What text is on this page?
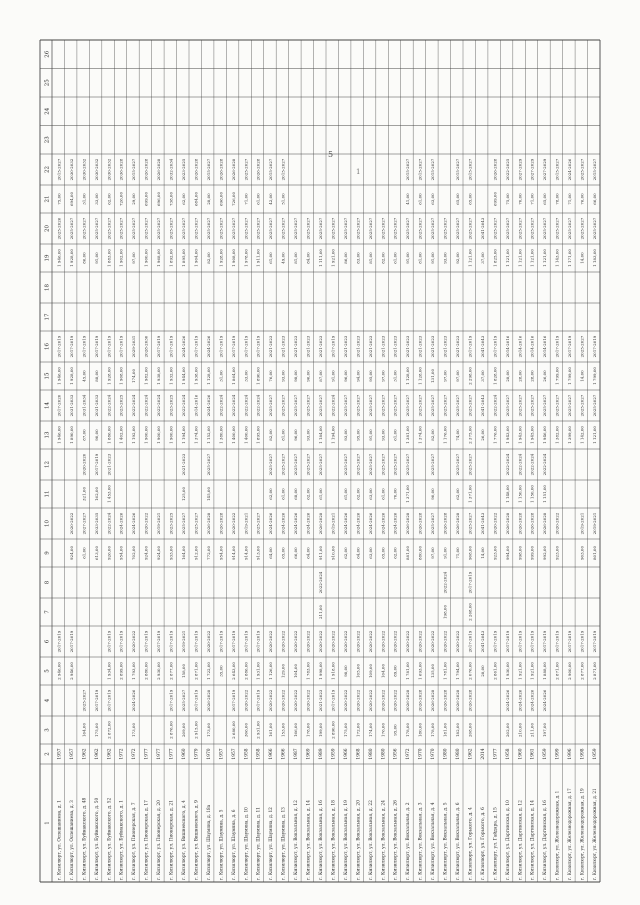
5
1
1
2
3
4
5
6
7
8
9
10
11
12
13
14
15
16
17
18
19
20
21
22
23
24
25
26
г. Кизилюрт, ул. Оспешаниева, д. 1
1957
2 946,00
2017-2019
1 946,00
2017-2020
1 946,00
2017-2019
1 946,00
2025-2026
75,00
2015-2027
г. Кизилюрт, ул. Оспешаниева, д. 3
1957
2 946,00
2017-2019
924,00
2020-2022
1 890,00
2031-2033
1 928,00
2017-2019
1 928,00
2025-2027
694,00
2030-2032
г. Кизилюрт, ул. Буйнакского, д. 48
1962
164,00
2025-2027
61,00
2027-2027
321,00
2020-2020
87,00
2031-2034
45,00
2017-2019
86,00
2025-2027
31,00
2030-2032
г. Кизилюрт, ул. Буйнакского, д. 50
1962
175,00
2017-2019
613,00
2033-2035
162,00
2017-2019
90,00
2031-2033
88,00
2017-2019
91,00
2025-2027
33,00
2030-2032
г. Кизилюрт, ул. Буйнакского, д. 52
1962
2 872,00
2017-2019
1 934,00
2017-2019
926,00
2022-2024
1 453,00
2021-2023
1 886,00
2022-2024
1 928,00
2017-2019
1 883,00
2025-2027
62,00
2030-2032
г. Кизилюрт, ул. Буйнакского, д. 1
1972
2 899,00
2017-2019
954,00
2024-2026
1 402,00
2023-2025
1 908,00
2017-2019
1 902,00
2025-2027
726,00
2036-2028
г. Кизилюрт, ул. Пионерская, д. 7
1972
173,00
2024-2026
1 793,00
2020-2022
702,00
2024-2026
1 192,00
2022-2024
174,00
2029-2031
97,00
2025-2027
29,00
2015-2027
г. Кизилюрт, ул. Пионерская, д. 17
1977
2 880,00
2017-2019
924,00
2020-2022
1 900,00
2022-2024
1 982,00
2028-2030
1 900,00
2025-2027
699,00
2026-2028
г. Кизилюрт, ул. Пионерская, д. 20
1977
2 930,00
2017-2019
924,00
2019-2021
1 900,00
2022-2024
1 938,00
2017-2019
1 968,00
2025-2027
696,00
2026-2028
г. Кизилюрт, ул. Пионерская, д. 21
1977
2 876,00
2017-2019
2 877,00
2017-2019
933,00
2023-2025
1 900,00
2023-2025
1 932,00
2017-2019
1 892,00
2025-2027
738,00
2032-2034
г. Кизилюрт, ул. Вишневского, д. 4
1960
209,00
2025-2027
158,00
2019-2021
164,00
2025-2027
125,00
2021-2023
1 194,00
2022-2024
1 944,00
2024-2026
1 895,00
2025-2027
62,00
2023-2025
г. Кизилюрт, ул. Вишневского, д. 9
1979
2 915,00
2017-2019
2 871,00
2017-2019
912,00
2025-2027
1 374,00
2014-2016
1 938,00
2017-2019
1 904,00
2025-2027
684,00
2026-2028
г. Кизилюрт, ул. Шаумяна, д. 18а
1970
173,00
2026-2028
1 722,00
2020-2022
772,00
2026-2028
145,00
2025-2027
1 152,00
2024-2026
1 128,00
2024-2026
82,00
2025-2027
28,00
2015-2027
г. Кизилюрт, ул. Шаумяна, д. 5
1957
35,00
2017-2019
954,00
2026-2028
1 380,00
2022-2024
31,00
2017-2019
1 928,00
2025-2027
696,00
2026-2028
г. Кизилюрт, ул. Шаумяна, д. 6
1957
2 680,00
2017-2019
2 643,00
2017-2019
914,00
2020-2022
1 400,00
2022-2024
1 864,00
2017-2019
1 908,00
2025-2027
726,00
2026-2028
г. Кизилюрт, ул. Шаумяна, д. 10
1958
306,00
2020-2022
2 886,00
2017-2019
914,00
2019-2021
1 400,00
2022-2024
33,00
2017-2019
1 978,00
2025-2027
71,00
2025-2027
г. Кизилюрт, ул. Шаумяна, д. 11
1958
2 931,00
2017-2019
1 931,00
2017-2019
913,00
2025-2027
1 895,00
2022-2024
1 890,00
2017-2019
1 911,00
2025-2027
61,00
2026-2028
г. Кизилюрт, ул. Шаумяна, д. 12
1966
161,00
2020-2022
1 126,00
2020-2022
64,00
2024-2026
62,00
2025-2027
82,00
2025-2027
76,00
2021-2023
61,00
2025-2027
42,00
2015-2027
г. Кизилюрт, ул. Шаумяна, д. 13
1966
153,00
2020-2022
129,00
2020-2022
65,00
2024-2026
61,00
2025-2027
81,00
2025-2027
93,00
2021-2023
49,00
2025-2027
51,00
2015-2027
г. Кизилюрт, ул. Вокзальная, д. 12
1987
166,00
2020-2022
104,00
2020-2022
66,00
2024-2026
68,00
2025-2027
96,00
2025-2027
98,00
2021-2023
81,00
2025-2027
г. Кизилюрт, ул. Вокзальная, д. 14
1969
178,00
2020-2022
1 783,00
2020-2022
64,00
2024-2026
62,00
2025-2027
93,00
2025-2027
96,00
2021-2023
84,00
2025-2027
г. Кизилюрт, ул. Вокзальная, д. 16
1989
199,00
2021-2023
1 998,00
2020-2022
211,00
2022-2024
911,00
2026-2028
61,00
2025-2027
1 184,00
2025-2027
87,00
2021-2023
1 111,00
2025-2027
г. Кизилюрт, ул. Вокзальная, д. 18
1959
2 890,00
2017-2019
1 918,00
2020-2022
910,00
2019-2021
1 194,00
2022-2024
91,00
2017-2019
1 921,00
2025-2027
г. Кизилюрт, ул. Вокзальная, д. 19
1966
175,00
2020-2022
98,00
2020-2022
62,00
2024-2026
61,00
2025-2027
93,00
2025-2027
96,00
2021-2023
86,00
2025-2027
г. Кизилюрт, ул. Вокзальная, д. 20
1968
172,00
2020-2022
105,00
2020-2022
64,00
2024-2026
62,00
2025-2027
95,00
2025-2027
94,00
2021-2023
83,00
2025-2027
г. Кизилюрт, ул. Вокзальная, д. 22
1980
174,00
2020-2022
109,00
2020-2022
63,00
2024-2026
63,00
2025-2027
91,00
2025-2027
95,00
2021-2023
81,00
2025-2027
г. Кизилюрт, ул. Вокзальная, д. 24
1980
176,00
2020-2022
104,00
2020-2022
65,00
2024-2026
61,00
2025-2027
93,00
2025-2027
97,00
2021-2023
82,00
2025-2027
г. Кизилюрт, ул. Вокзальная, д. 26
1956
95,00
2020-2022
89,00
2020-2022
62,00
2024-2026
70,00
2025-2027
61,00
2025-2027
31,00
2021-2023
61,00
2025-2027
г. Кизилюрт, ул. Вокзальная, д. 2
1972
178,00
2026-2028
1 781,00
2020-2022
881,00
2026-2028
1 371,00
2025-2027
1 381,00
2025-2027
1 128,00
2021-2023
91,00
2025-2027
41,00
2015-2027
г. Кизилюрт, ул. Вокзальная, д. 3
1970
180,00
2026-2028
1 693,00
2020-2022
880,00
2026-2028
1 374,00
2025-2027
1 128,00
2021-2023
81,00
2025-2027
61,00
2015-2027
г. Кизилюрт, ул. Вокзальная, д. 4
1970
178,00
2026-2028
135,00
2020-2022
97,00
2025-2027
90,00
2025-2027
82,00
2025-2027
131,00
2021-2023
91,00
2025-2027
63,00
2015-2027
г. Кизилюрт, ул. Вокзальная, д. 5
1980
181,00
2026-2028
1 781,00
2020-2022
198,00
2022-2024
91,00
2026-2028
1 176,00
2025-2027
97,00
2021-2023
93,00
2025-2027
г. Кизилюрт, ул. Вокзальная, д. 6
1980
182,00
2026-2028
1 794,00
2020-2022
71,00
2026-2028
62,00
2025-2027
74,00
2025-2027
97,00
2021-2023
92,00
2025-2027
65,00
2015-2027
г. Кизилюрт, ул. Горького, д. 4
1962
208,00
2026-2028
2 076,00
2017-2019
2 268,00
2017-2019
908,00
2025-2027
1 371,00
2025-2027
2 375,00
2025-2027
2 298,00
2017-2019
1 121,00
2025-2027
65,00
2015-2027
г. Кизилюрт, ул. Горького, д. 6
2014
28,00
2041-2043
14,00
2041-2043
26,00
2041-2043
37,00
2041-2043
37,00
2041-2043
г. Кизилюрт, ул. Гайдара, д. 15
1977
2 861,00
2017-2019
923,00
2020-2022
1 776,00
2022-2024
1 828,00
2017-2019
1 825,00
2025-2027
699,00
2026-2028
г. Кизилюрт, ул. Даргинская, д. 10
1958
202,00
2024-2026
1 930,00
2017-2019
994,00
2026-2028
1 148,00
2022-2024
1 943,00
2025-2027
28,00
2014-2016
1 121,00
2025-2027
75,00
2022-2025
г. Кизилюрт, ул. Даргинская, д. 12
1960
210,00
2024-2026
1 921,00
2017-2019
998,00
2026-2028
1 150,00
2022-2024
1 943,00
2025-2027
28,00
2014-2016
1 121,00
2025-2027
70,00
2027-2029
г. Кизилюрт, ул. Даргинская, д. 14
1961
211,00
2024-2026
1 921,00
2017-2019
999,00
2026-2028
1 150,00
2022-2024
1 945,00
2025-2027
28,00
2014-2016
1 121,00
2025-2027
71,00
2027-2029
г. Кизилюрт, ул. Даргинская, д. 16
1959
197,00
2024-2026
1 888,00
2017-2019
992,00
2026-2028
1 151,00
2022-2024
1 946,00
2025-2027
26,00
2014-2016
1 121,00
2025-2027
65,00
2027-2029
г. Кизилюрт, ул. Железнодорожная, д. 1
1999
2 871,00
2017-2019
923,00
2020-2022
1 382,00
2025-2027
1 799,00
2017-2019
1 143,00
2025-2027
78,00
2015-2027
г. Кизилюрт, ул. Железнодорожная, д. 17
1996
2 900,00
2017-2019
1 399,00
2025-2027
1 799,00
2017-2019
1 171,00
2025-2027
71,00
2024-2026
г. Кизилюрт, ул. Железнодорожная, д. 19
1998
2 877,00
2017-2019
903,00
2019-2021
1 142,00
2025-2027
14,00
2025-2027
14,00
2025-2027
76,00
2025-2027
г. Кизилюрт, ул. Железнодорожная, д. 21
1959
2 871,00
2017-2019
801,00
2019-2021
1 121,00
2025-2027
1 799,00
2017-2019
1 183,00
2025-2027
66,00
2015-2027
